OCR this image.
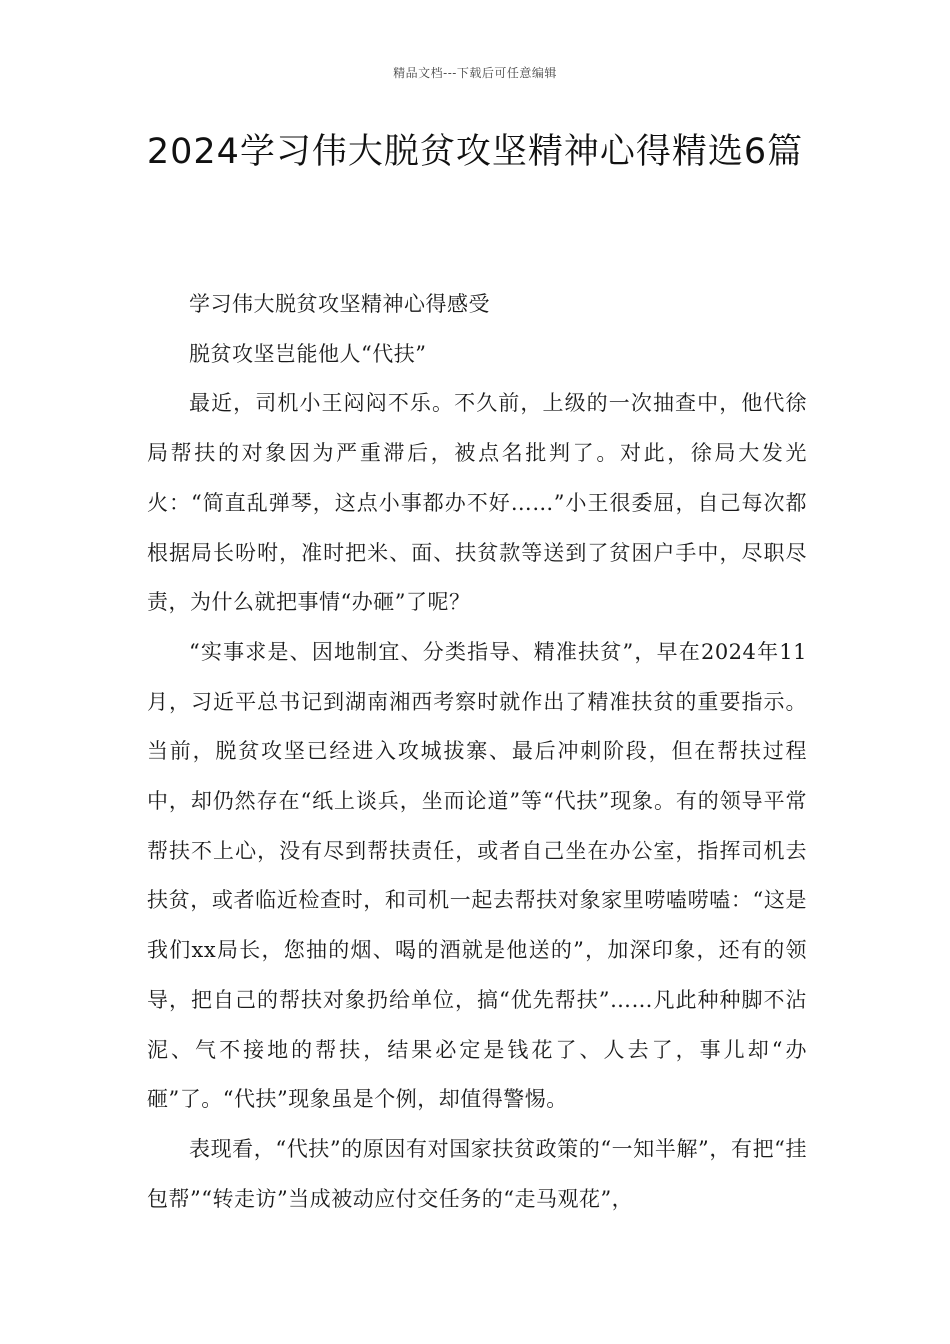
精品文档---下载后可任意编辑
2024学习伟大脱贫攻坚精神心得精选6篇

学习伟大脱贫攻坚精神心得感受

脱贫攻坚岂能他人“代扶”

最近，司机小王闷闷不乐。不久前，上级的一次抽查中，他代徐局帮扶的对象因为严重滞后，被点名批判了。对此，徐局大发光火：“简直乱弹琴，这点小事都办不好……”小王很委屈，自己每次都根据局长吩咐，准时把米、面、扶贫款等送到了贫困户手中，尽职尽责，为什么就把事情“办砸”了呢？

“实事求是、因地制宜、分类指导、精准扶贫”，早在2024年11月，习近平总书记到湖南湘西考察时就作出了精准扶贫的重要指示。当前，脱贫攻坚已经进入攻城拔寨、最后冲刺阶段，但在帮扶过程中，却仍然存在“纸上谈兵，坐而论道”等“代扶”现象。有的领导平常帮扶不上心，没有尽到帮扶责任，或者自己坐在办公室，指挥司机去扶贫，或者临近检查时，和司机一起去帮扶对象家里唠嗑唠嗑：“这是我们xx局长，您抽的烟、喝的酒就是他送的”，加深印象，还有的领导，把自己的帮扶对象扔给单位，搞“优先帮扶”……凡此种种脚不沾泥、气不接地的帮扶，结果必定是钱花了、人去了，事儿却“办砸”了。“代扶”现象虽是个例，却值得警惕。

表现看，“代扶”的原因有对国家扶贫政策的“一知半解”，有把“挂包帮”“转走访”当成被动应付交任务的“走马观花”，
